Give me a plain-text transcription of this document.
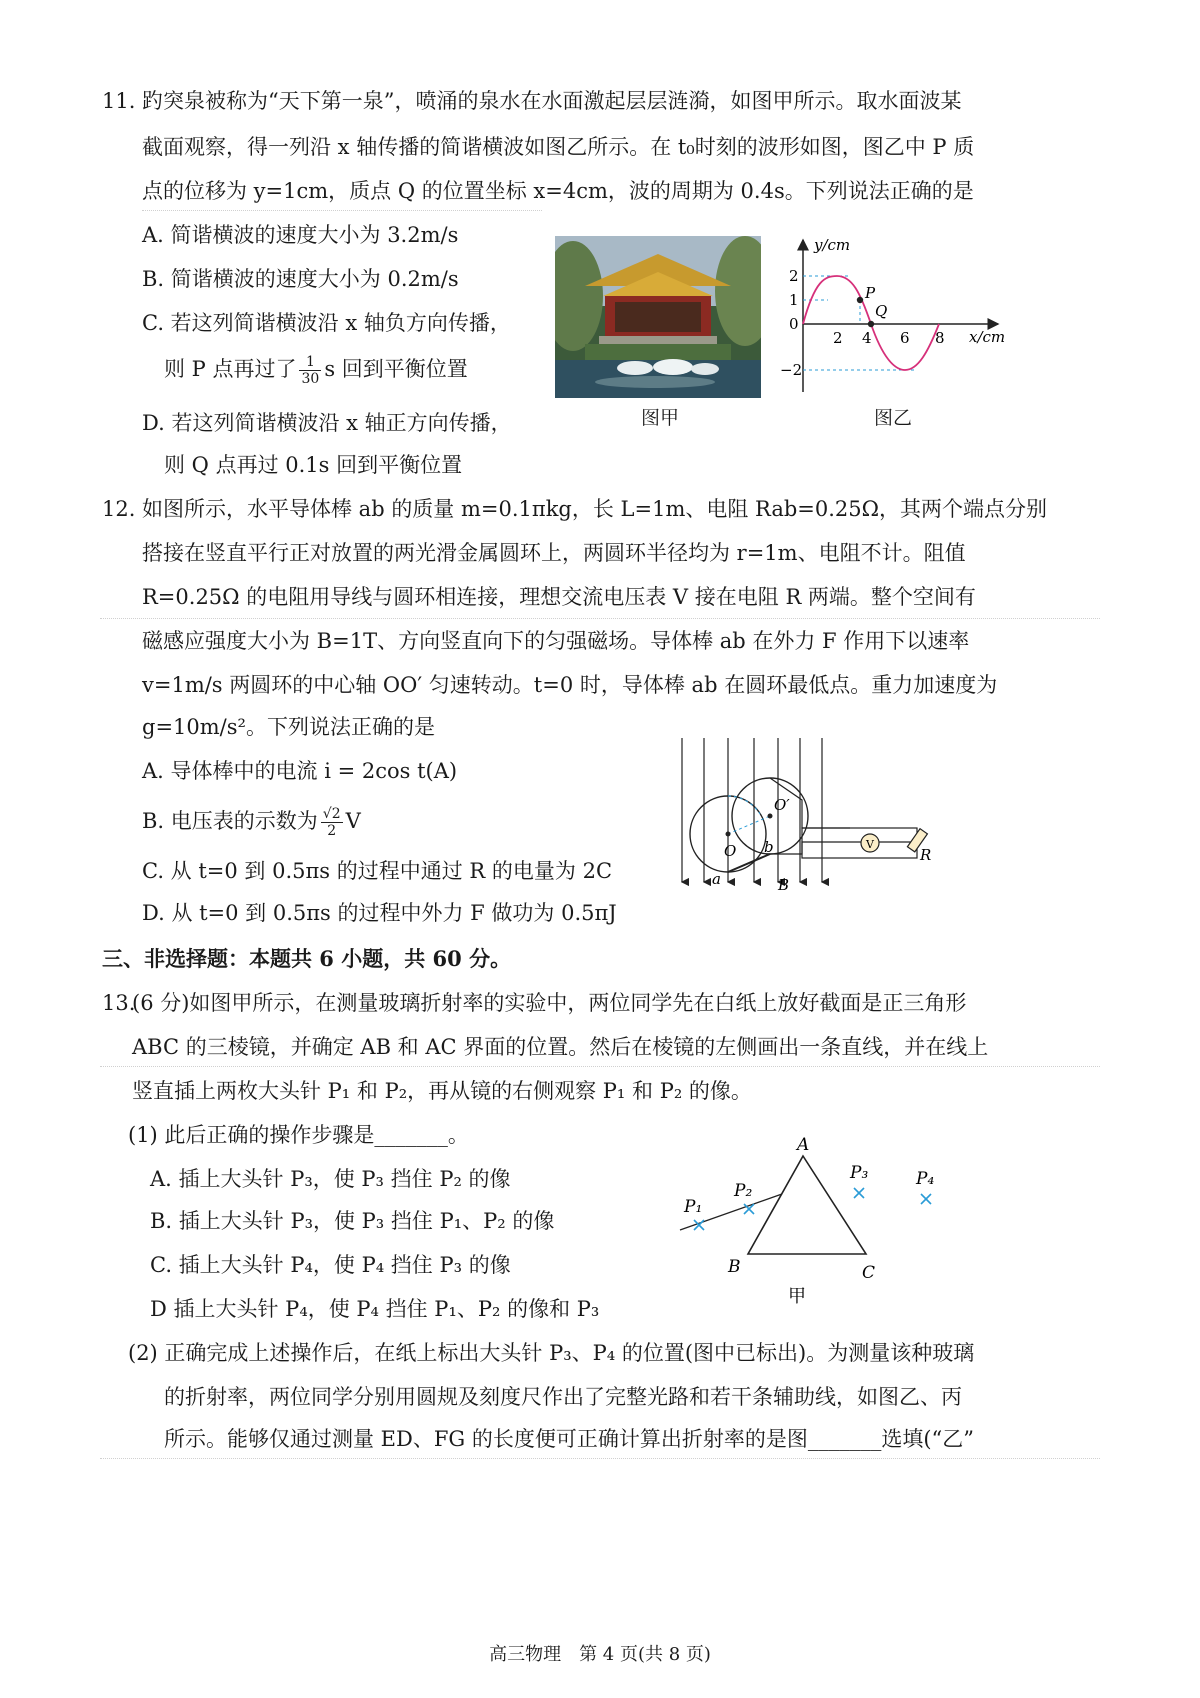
11. 趵突泉被称为“天下第一泉”，喷涌的泉水在水面激起层层涟漪，如图甲所示。取水面波某
截面观察，得一列沿 x 轴传播的简谐横波如图乙所示。在 t₀时刻的波形如图，图乙中 P 质
点的位移为 y=1cm，质点 Q 的位置坐标 x=4cm，波的周期为 0.4s。下列说法正确的是
A. 简谐横波的速度大小为 3.2m/s
B. 简谐横波的速度大小为 0.2m/s
C. 若这列简谐横波沿 x 轴负方向传播，
则 P 点再过了 $\frac{1}{30}$ s 回到平衡位置
D. 若这列简谐横波沿 x 轴正方向传播，
则 Q 点再过 0.1s 回到平衡位置
图甲
y/cm
x/cm
2
1
0
−2
2 4 6 8
P
Q
图乙
12. 如图所示，水平导体棒 ab 的质量 m=0.1πkg，长 L=1m、电阻 Rab=0.25Ω，其两个端点分别
搭接在竖直平行正对放置的两光滑金属圆环上，两圆环半径均为 r=1m、电阻不计。阻值
R=0.25Ω 的电阻用导线与圆环相连接，理想交流电压表 V 接在电阻 R 两端。整个空间有
磁感应强度大小为 B=1T、方向竖直向下的匀强磁场。导体棒 ab 在外力 F 作用下以速率
v=1m/s 两圆环的中心轴 OO′ 匀速转动。t=0 时，导体棒 ab 在圆环最低点。重力加速度为
g=10m/s²。下列说法正确的是
A. 导体棒中的电流 i = 2cos t(A)
B. 电压表的示数为 $\frac{√2}{2}$ V
C. 从 t=0 到 0.5πs 的过程中通过 R 的电量为 2C
D. 从 t=0 到 0.5πs 的过程中外力 F 做功为 0.5πJ
V
R
O
O′
a
b
B
三、非选择题：本题共 6 小题，共 60 分。
13.
(6 分)如图甲所示，在测量玻璃折射率的实验中，两位同学先在白纸上放好截面是正三角形
ABC 的三棱镜，并确定 AB 和 AC 界面的位置。然后在棱镜的左侧画出一条直线，并在线上
竖直插上两枚大头针 P₁ 和 P₂，再从镜的右侧观察 P₁ 和 P₂ 的像。
(1) 此后正确的操作步骤是_______。
A. 插上大头针 P₃，使 P₃ 挡住 P₂ 的像
B. 插上大头针 P₃，使 P₃ 挡住 P₁、P₂ 的像
C. 插上大头针 P₄，使 P₄ 挡住 P₃ 的像
D 插上大头针 P₄，使 P₄ 挡住 P₁、P₂ 的像和 P₃
(2) 正确完成上述操作后，在纸上标出大头针 P₃、P₄ 的位置(图中已标出)。为测量该种玻璃
的折射率，两位同学分别用圆规及刻度尺作出了完整光路和若干条辅助线，如图乙、丙
所示。能够仅通过测量 ED、FG 的长度便可正确计算出折射率的是图_______选填(“乙”
A
B	C
P₁
P₂
P₃	P₄
甲
高三物理　第 4 页(共 8 页)
